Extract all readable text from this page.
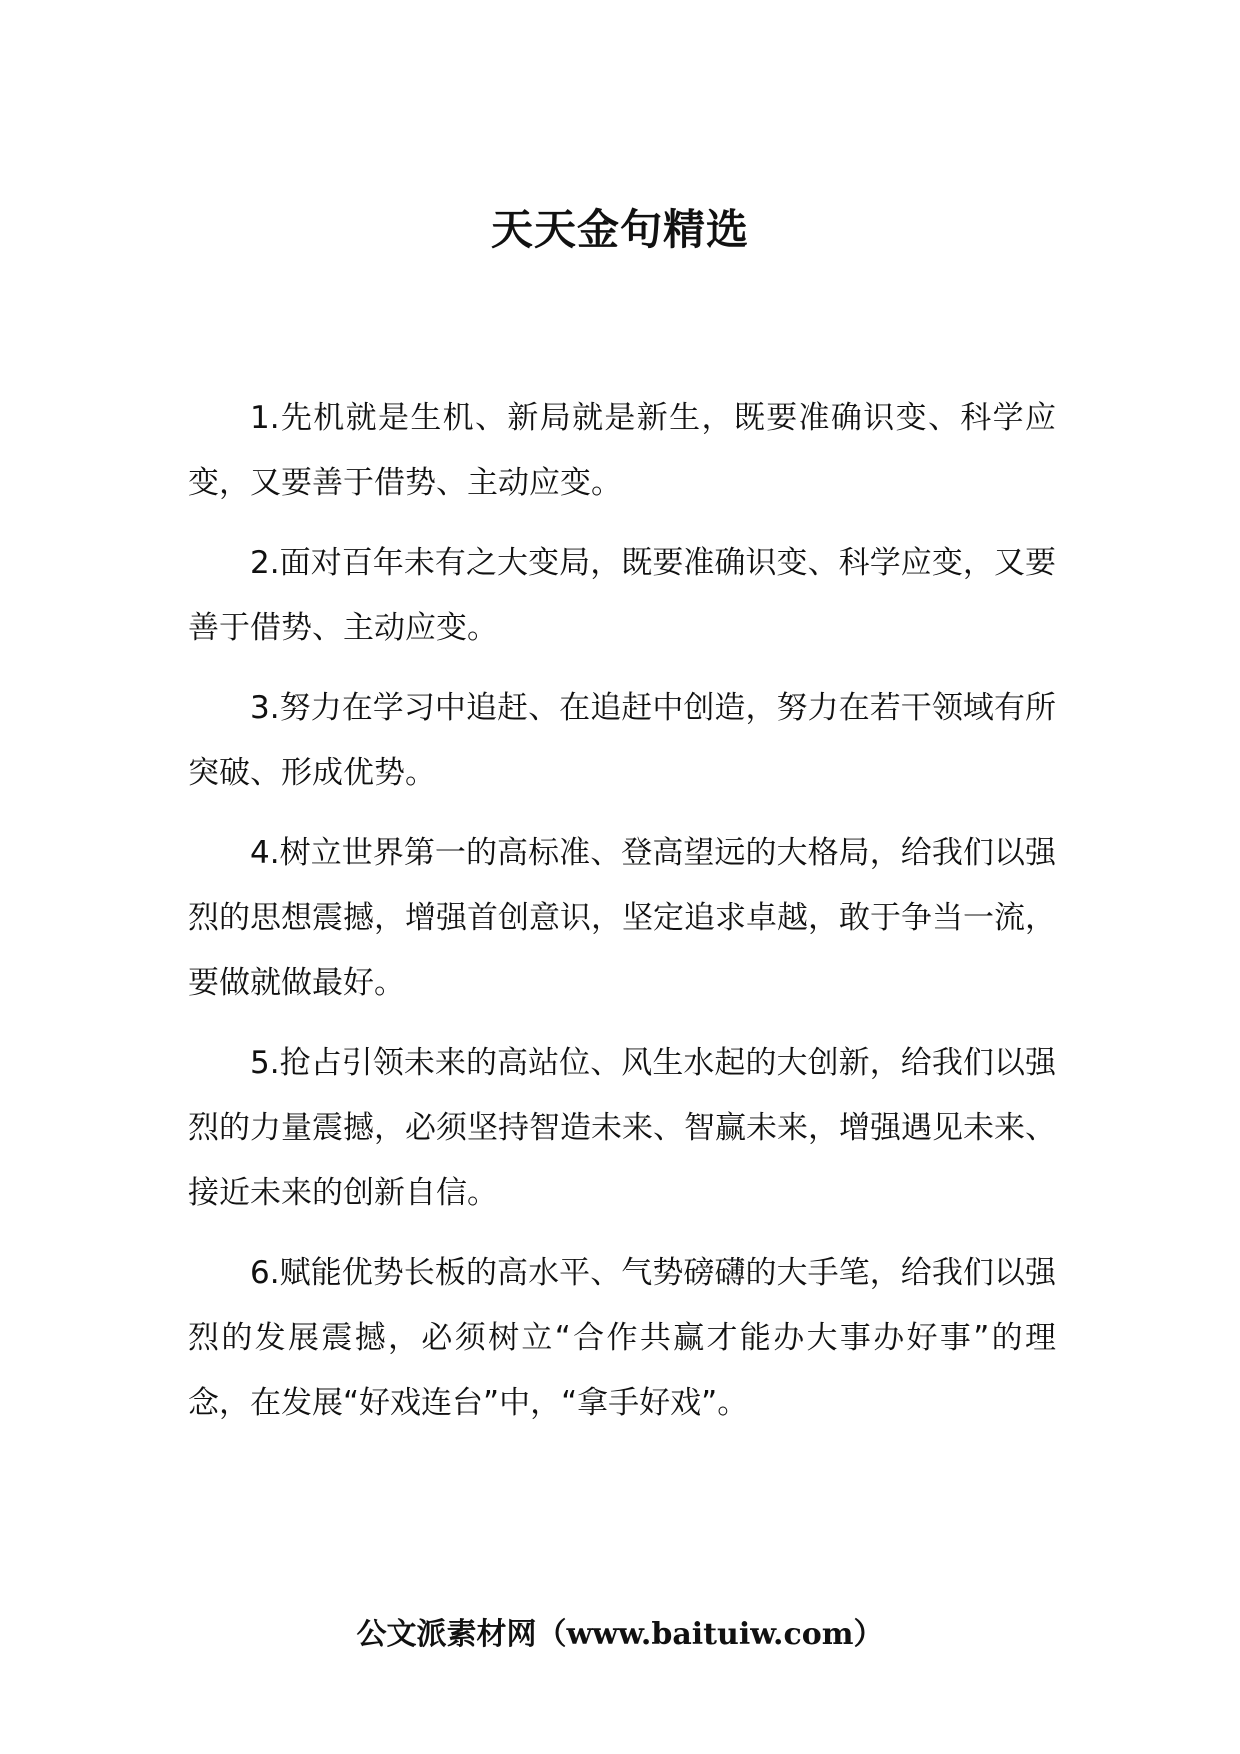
天天金句精选

1.先机就是生机、新局就是新生，既要准确识变、科学应变，又要善于借势、主动应变。

2.面对百年未有之大变局，既要准确识变、科学应变，又要善于借势、主动应变。

3.努力在学习中追赶、在追赶中创造，努力在若干领域有所突破、形成优势。

4.树立世界第一的高标准、登高望远的大格局，给我们以强烈的思想震撼，增强首创意识，坚定追求卓越，敢于争当一流，要做就做最好。

5.抢占引领未来的高站位、风生水起的大创新，给我们以强烈的力量震撼，必须坚持智造未来、智赢未来，增强遇见未来、接近未来的创新自信。

6.赋能优势长板的高水平、气势磅礴的大手笔，给我们以强烈的发展震撼，必须树立“合作共赢才能办大事办好事”的理念，在发展“好戏连台”中，“拿手好戏”。

公文派素材网（www.baituiw.com）
